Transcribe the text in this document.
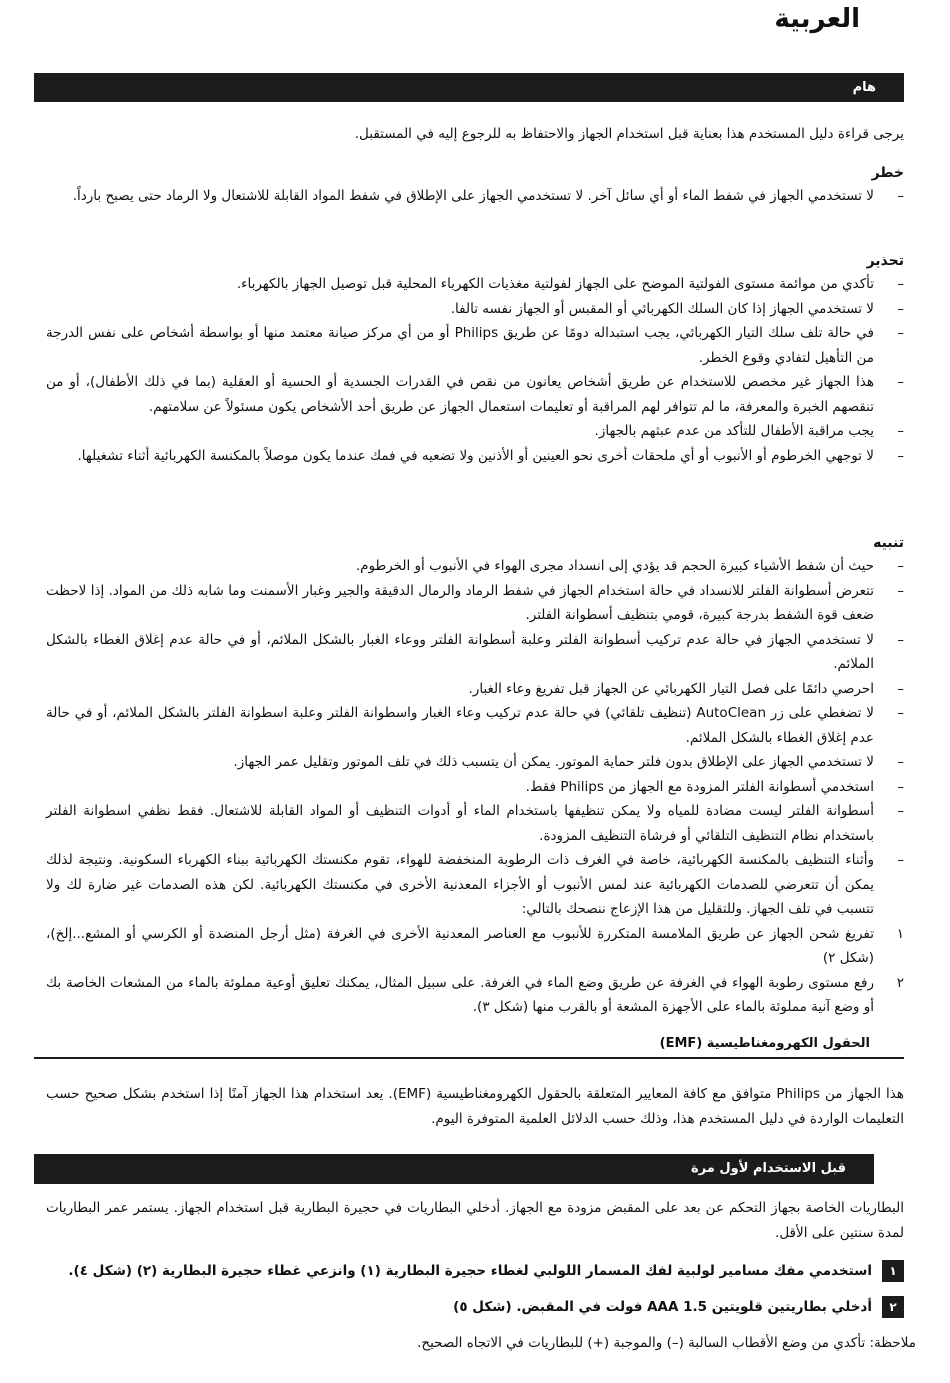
العربية
هام

يرجى قراءة دليل المستخدم هذا بعناية قبل استخدام الجهاز والاحتفاظ به للرجوع إليه في المستقبل.

خطر
– لا تستخدمي الجهاز في شفط الماء أو أي سائل آخر. لا تستخدمي الجهاز على الإطلاق في شفط المواد القابلة للاشتعال ولا الرماد حتى يصبح بارداً.
تحذير
– تأكدي من موائمة مستوى الفولتية الموضح على الجهاز لفولتية مغذيات الكهرباء المحلية قبل توصيل الجهاز بالكهرباء.
– لا تستخدمي الجهاز إذا كان السلك الكهربائي أو المقبس أو الجهاز نفسه تالفا.
– في حالة تلف سلك التيار الكهربائي، يجب استبداله دومًا عن طريق Philips أو من أي مركز صيانة معتمد منها أو بواسطة أشخاص على نفس الدرجة من التأهيل لتفادي وقوع الخطر.
– هذا الجهاز غير مخصص للاستخدام عن طريق أشخاص يعانون من نقص في القدرات الجسدية أو الحسية أو العقلية (بما في ذلك الأطفال)، أو من تنقصهم الخبرة والمعرفة، ما لم تتوافر لهم المراقبة أو تعليمات استعمال الجهاز عن طريق أحد الأشخاص يكون مسئولاً عن سلامتهم.
– يجب مراقبة الأطفال للتأكد من عدم عبثهم بالجهاز.
– لا توجهي الخرطوم أو الأنبوب أو أي ملحقات أخرى نحو العينين أو الأذنين ولا تضعيه في فمك عندما يكون موصلاً بالمكنسة الكهربائية أثناء تشغيلها.
تنبيه
– حيث أن شفط الأشياء كبيرة الحجم قد يؤدي إلى انسداد مجرى الهواء في الأنبوب أو الخرطوم.
– تتعرض أسطوانة الفلتر للانسداد في حالة استخدام الجهاز في شفط الرماد والرمال الدقيقة والجير وغبار الأسمنت وما شابه ذلك من المواد. إذا لاحظت ضعف قوة الشفط بدرجة كبيرة، قومي بتنظيف أسطوانة الفلتر.
– لا تستخدمي الجهاز في حالة عدم تركيب أسطوانة الفلتر وعلبة أسطوانة الفلتر ووعاء الغبار بالشكل الملائم، أو في حالة عدم إغلاق الغطاء بالشكل الملائم.
– احرصي دائمًا على فصل التيار الكهربائي عن الجهاز قبل تفريغ وعاء الغبار.
– لا تضغطي على زر AutoClean (تنظيف تلقائي) في حالة عدم تركيب وعاء الغبار واسطوانة الفلتر وعلبة اسطوانة الفلتر بالشكل الملائم، أو في حالة عدم إغلاق الغطاء بالشكل الملائم.
– لا تستخدمي الجهاز على الإطلاق بدون فلتر حماية الموتور. يمكن أن يتسبب ذلك في تلف الموتور وتقليل عمر الجهاز.
– استخدمي أسطوانة الفلتر المزودة مع الجهاز من Philips فقط.
– أسطوانة الفلتر ليست مضادة للمياه ولا يمكن تنظيفها باستخدام الماء أو أدوات التنظيف أو المواد القابلة للاشتعال. فقط نظفي اسطوانة الفلتر باستخدام نظام التنظيف التلقائي أو فرشاة التنظيف المزودة.
– وأثناء التنظيف بالمكنسة الكهربائية، خاصة في الغرف ذات الرطوبة المنخفضة للهواء، تقوم مكنستك الكهربائية ببناء الكهرباء السكونية. ونتيجة لذلك يمكن أن تتعرضي للصدمات الكهربائية عند لمس الأنبوب أو الأجزاء المعدنية الأخرى في مكنستك الكهربائية. لكن هذه الصدمات غير ضارة لك ولا تتسبب في تلف الجهاز. وللتقليل من هذا الإزعاج ننصحك بالتالي:
١
تفريغ شحن الجهاز عن طريق الملامسة المتكررة للأنبوب مع العناصر المعدنية الأخرى في الغرفة (مثل أرجل المنضدة أو الكرسي أو المشع...إلخ)، (شكل ٢)
٢
رفع مستوى رطوبة الهواء في الغرفة عن طريق وضع الماء في الغرفة. على سبيل المثال، يمكنك تعليق أوعية مملوئة بالماء من المشعات الخاصة بك أو وضع آنية مملوئة بالماء على الأجهزة المشعة أو بالقرب منها (شكل ٣).
الحقول الكهرومغناطيسية (EMF)

هذا الجهاز من Philips متوافق مع كافة المعايير المتعلقة بالحقول الكهرومغناطيسية (EMF). يعد استخدام هذا الجهاز آمنًا إذا استخدم بشكل صحيح حسب التعليمات الواردة في دليل المستخدم هذا، وذلك حسب الدلائل العلمية المتوفرة اليوم.

قبل الاستخدام لأول مرة

البطاريات الخاصة بجهاز التحكم عن بعد على المقبض مزودة مع الجهاز. أدخلي البطاريات في حجيرة البطارية قبل استخدام الجهاز. يستمر عمر البطاريات لمدة سنتين على الأقل.

١
استخدمي مفك مسامير لولبية لفك المسمار اللولبي لغطاء حجيرة البطارية (١) وانزعي غطاء حجيرة البطارية (٢) (شكل ٤).
٢
أدخلي بطاريتين قلويتين AAA 1.5 فولت في المقبض. (شكل ٥)
ملاحظة: تأكدي من وضع الأقطاب السالبة (–) والموجبة (+) للبطاريات في الاتجاه الصحيح.
